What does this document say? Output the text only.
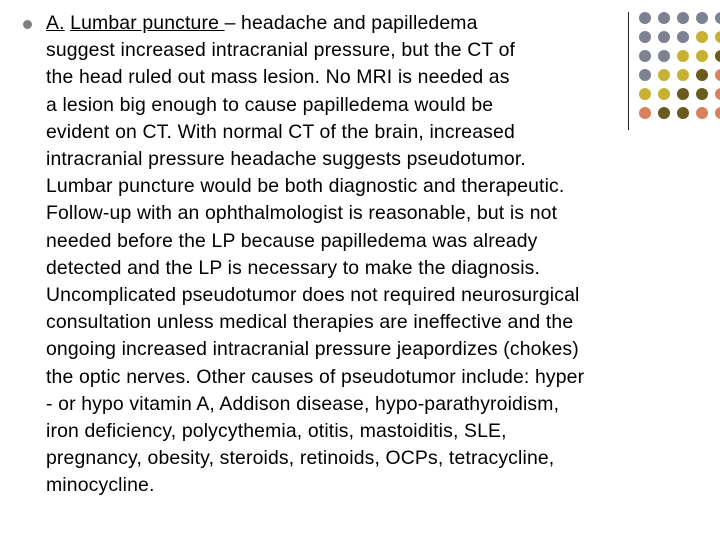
A. Lumbar puncture – headache and papilledema
suggest increased intracranial pressure, but the CT of
the head ruled out mass lesion. No MRI is needed as
a lesion big enough to cause papilledema would be
evident on CT. With normal CT of the brain, increased
intracranial pressure headache suggests pseudotumor.
Lumbar puncture would be both diagnostic and therapeutic.
Follow-up with an ophthalmologist is reasonable, but is not
needed before the LP because papilledema was already
detected and the LP is necessary to make the diagnosis.
Uncomplicated pseudotumor does not required neurosurgical
consultation unless medical therapies are ineffective and the
ongoing increased intracranial pressure jeapordizes (chokes)
the optic nerves. Other causes of pseudotumor include: hyper
- or hypo vitamin A, Addison disease, hypo-parathyroidism,
iron deficiency, polycythemia, otitis, mastoiditis, SLE,
pregnancy, obesity, steroids, retinoids, OCPs, tetracycline,
minocycline.
